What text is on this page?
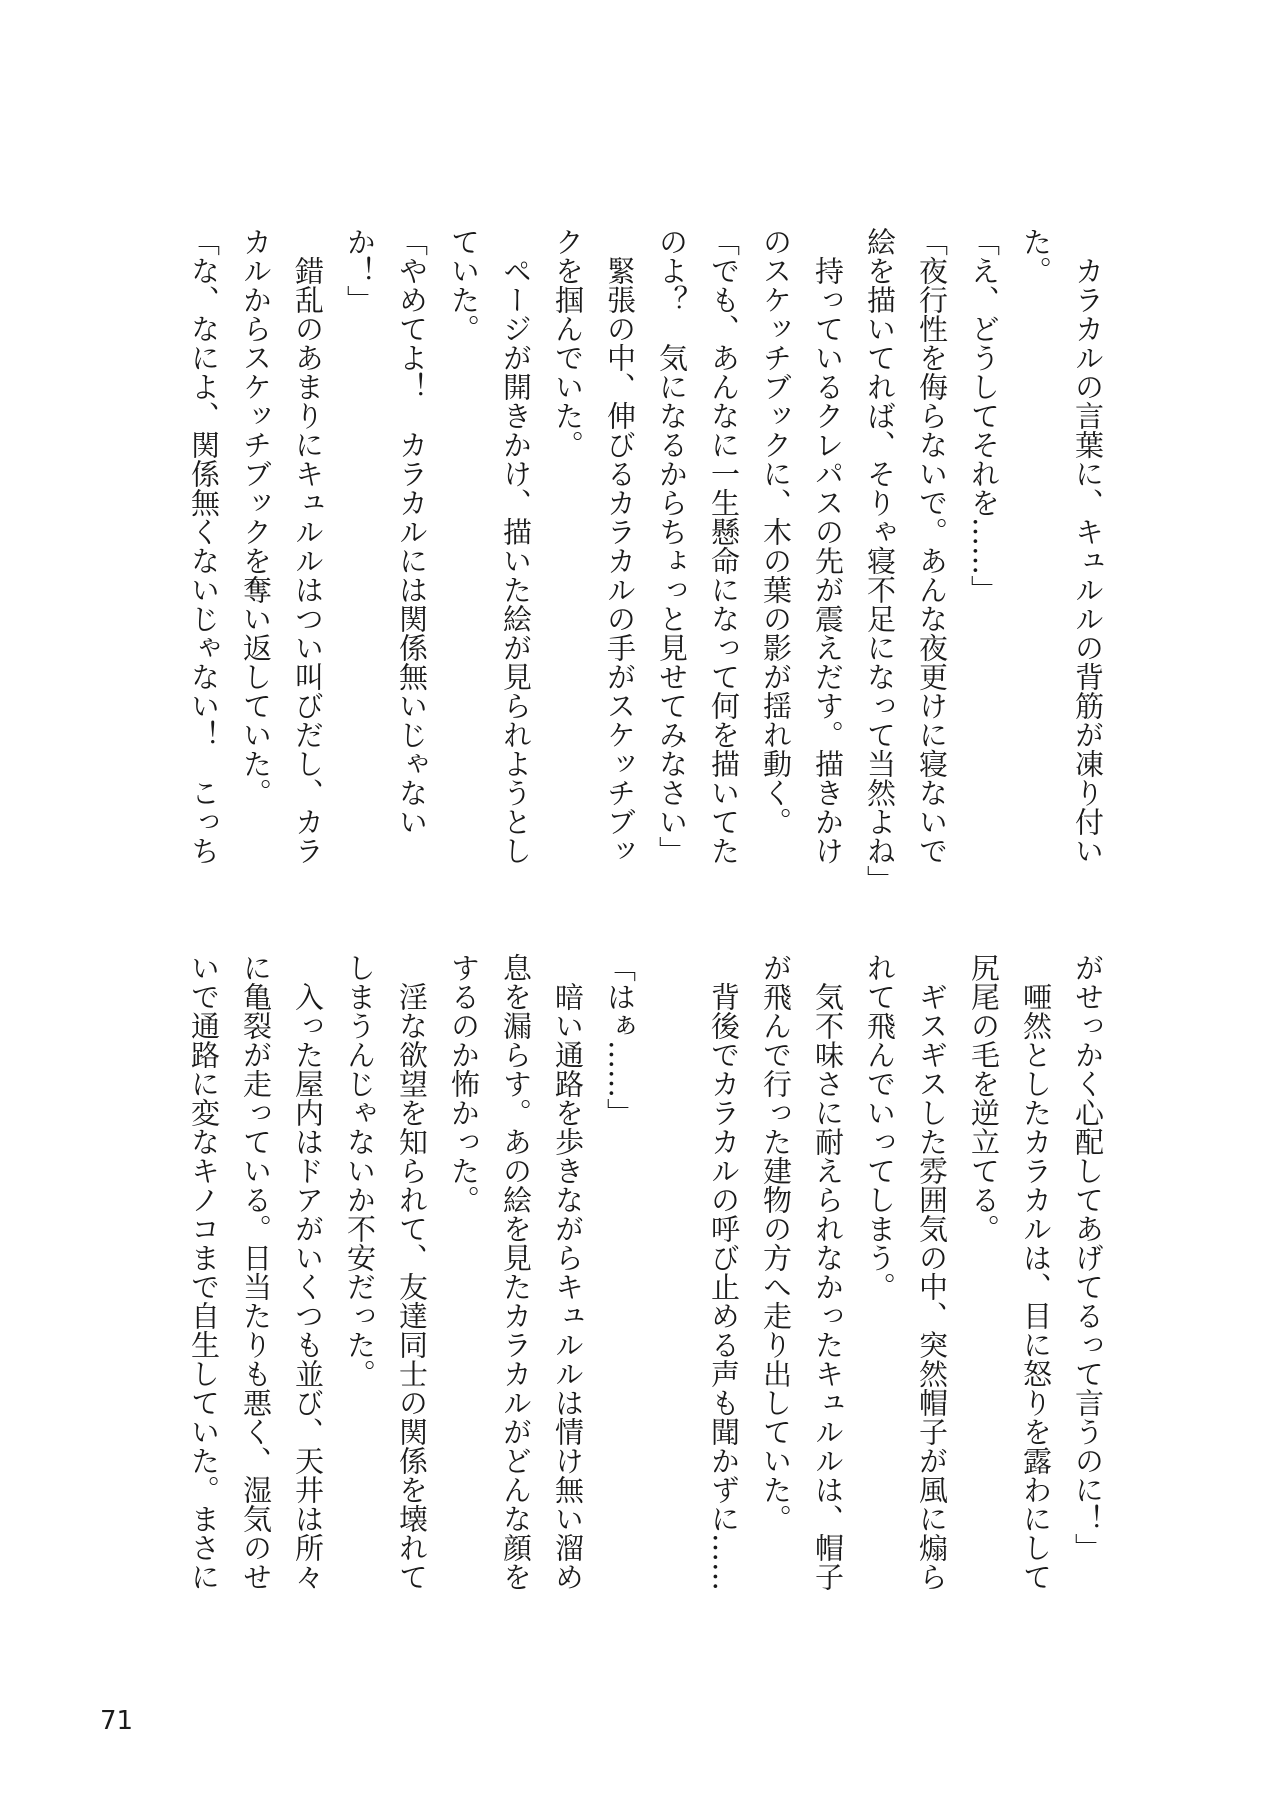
　カラカルの言葉に、キュルルの背筋が凍り付い
た。
「え、どうしてそれを……」
「夜行性を侮らないで。あんな夜更けに寝ないで
絵を描いてれば、そりゃ寝不足になって当然よね」
　持っているクレパスの先が震えだす。描きかけ
のスケッチブックに、木の葉の影が揺れ動く。
「でも、あんなに一生懸命になって何を描いてた
のよ？　気になるからちょっと見せてみなさい」
　緊張の中、伸びるカラカルの手がスケッチブッ
クを掴んでいた。
　ページが開きかけ、描いた絵が見られようとし
ていた。
「やめてよ！　カラカルには関係無いじゃない
か！」
　錯乱のあまりにキュルルはつい叫びだし、カラ
カルからスケッチブックを奪い返していた。
「な、なによ、関係無くないじゃない！　こっち
がせっかく心配してあげてるって言うのに！」
　唖然としたカラカルは、目に怒りを露わにして
尻尾の毛を逆立てる。
　ギスギスした雰囲気の中、突然帽子が風に煽ら
れて飛んでいってしまう。
　気不味さに耐えられなかったキュルルは、帽子
が飛んで行った建物の方へ走り出していた。
　背後でカラカルの呼び止める声も聞かずに……
「はぁ……」
　暗い通路を歩きながらキュルルは情け無い溜め
息を漏らす。あの絵を見たカラカルがどんな顔を
するのか怖かった。
　淫な欲望を知られて、友達同士の関係を壊れて
しまうんじゃないか不安だった。
　入った屋内はドアがいくつも並び、天井は所々
に亀裂が走っている。日当たりも悪く、湿気のせ
いで通路に変なキノコまで自生していた。まさに
71
